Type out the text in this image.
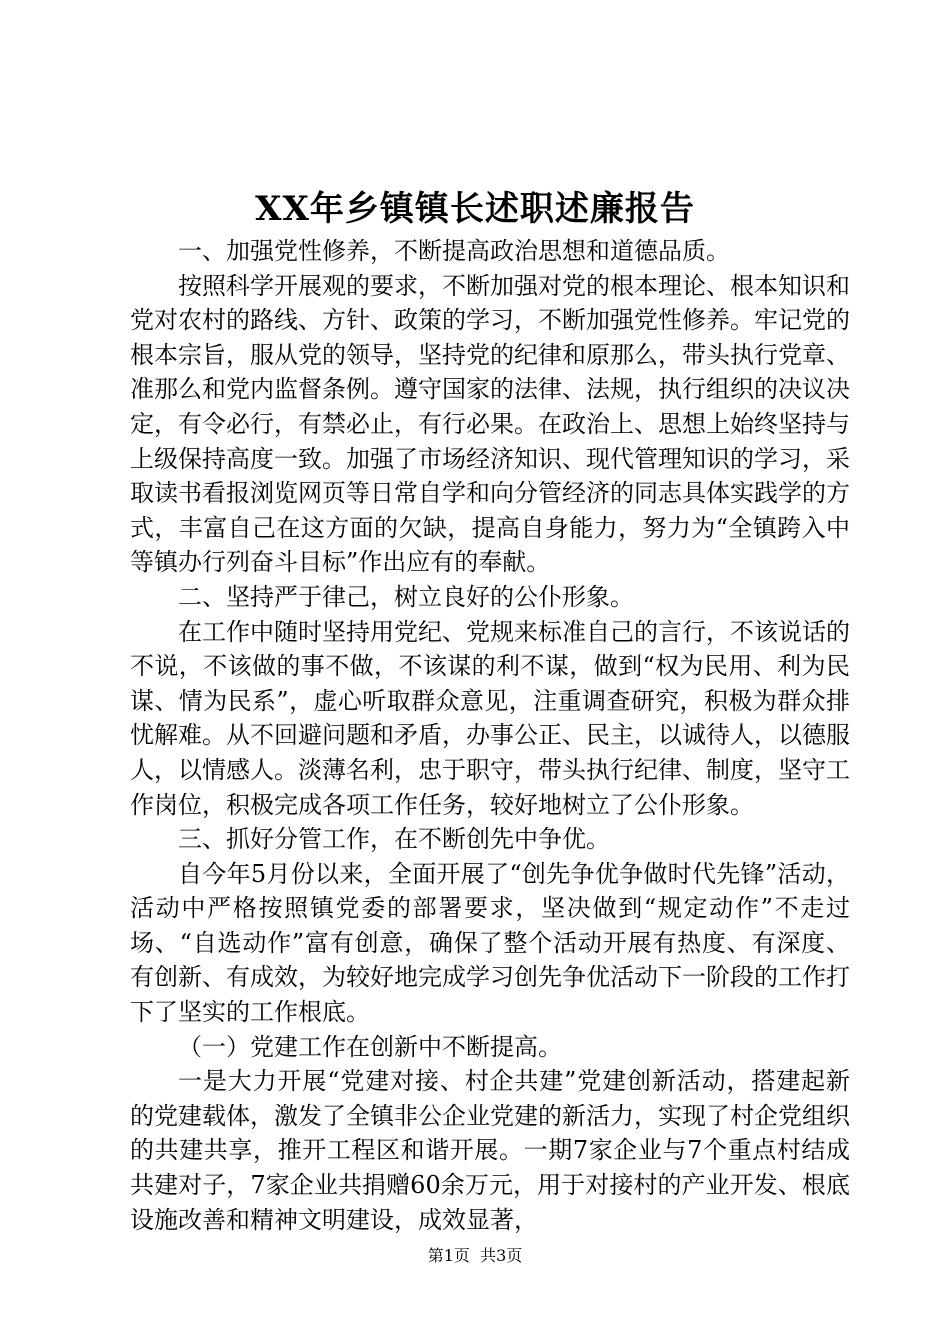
XX年乡镇镇长述职述廉报告

一、加强党性修养，不断提高政治思想和道德品质。

按照科学开展观的要求，不断加强对党的根本理论、根本知识和党对农村的路线、方针、政策的学习，不断加强党性修养。牢记党的根本宗旨，服从党的领导，坚持党的纪律和原那么，带头执行党章、准那么和党内监督条例。遵守国家的法律、法规，执行组织的决议决定，有令必行，有禁必止，有行必果。在政治上、思想上始终坚持与上级保持高度一致。加强了市场经济知识、现代管理知识的学习，采取读书看报浏览网页等日常自学和向分管经济的同志具体实践学的方式，丰富自己在这方面的欠缺，提高自身能力，努力为“全镇跨入中等镇办行列奋斗目标”作出应有的奉献。

二、坚持严于律己，树立良好的公仆形象。

在工作中随时坚持用党纪、党规来标准自己的言行，不该说话的不说，不该做的事不做，不该谋的利不谋，做到“权为民用、利为民谋、情为民系”，虚心听取群众意见，注重调查研究，积极为群众排忧解难。从不回避问题和矛盾，办事公正、民主，以诚待人，以德服人，以情感人。淡薄名利，忠于职守，带头执行纪律、制度，坚守工作岗位，积极完成各项工作任务，较好地树立了公仆形象。

三、抓好分管工作，在不断创先中争优。

自今年5月份以来，全面开展了“创先争优争做时代先锋”活动，活动中严格按照镇党委的部署要求，坚决做到“规定动作”不走过场、“自选动作”富有创意，确保了整个活动开展有热度、有深度、有创新、有成效，为较好地完成学习创先争优活动下一阶段的工作打下了坚实的工作根底。

（一）党建工作在创新中不断提高。

一是大力开展“党建对接、村企共建”党建创新活动，搭建起新的党建载体，激发了全镇非公企业党建的新活力，实现了村企党组织的共建共享，推开工程区和谐开展。一期7家企业与7个重点村结成共建对子，7家企业共捐赠60余万元，用于对接村的产业开发、根底设施改善和精神文明建设，成效显著，

第1页 共3页
